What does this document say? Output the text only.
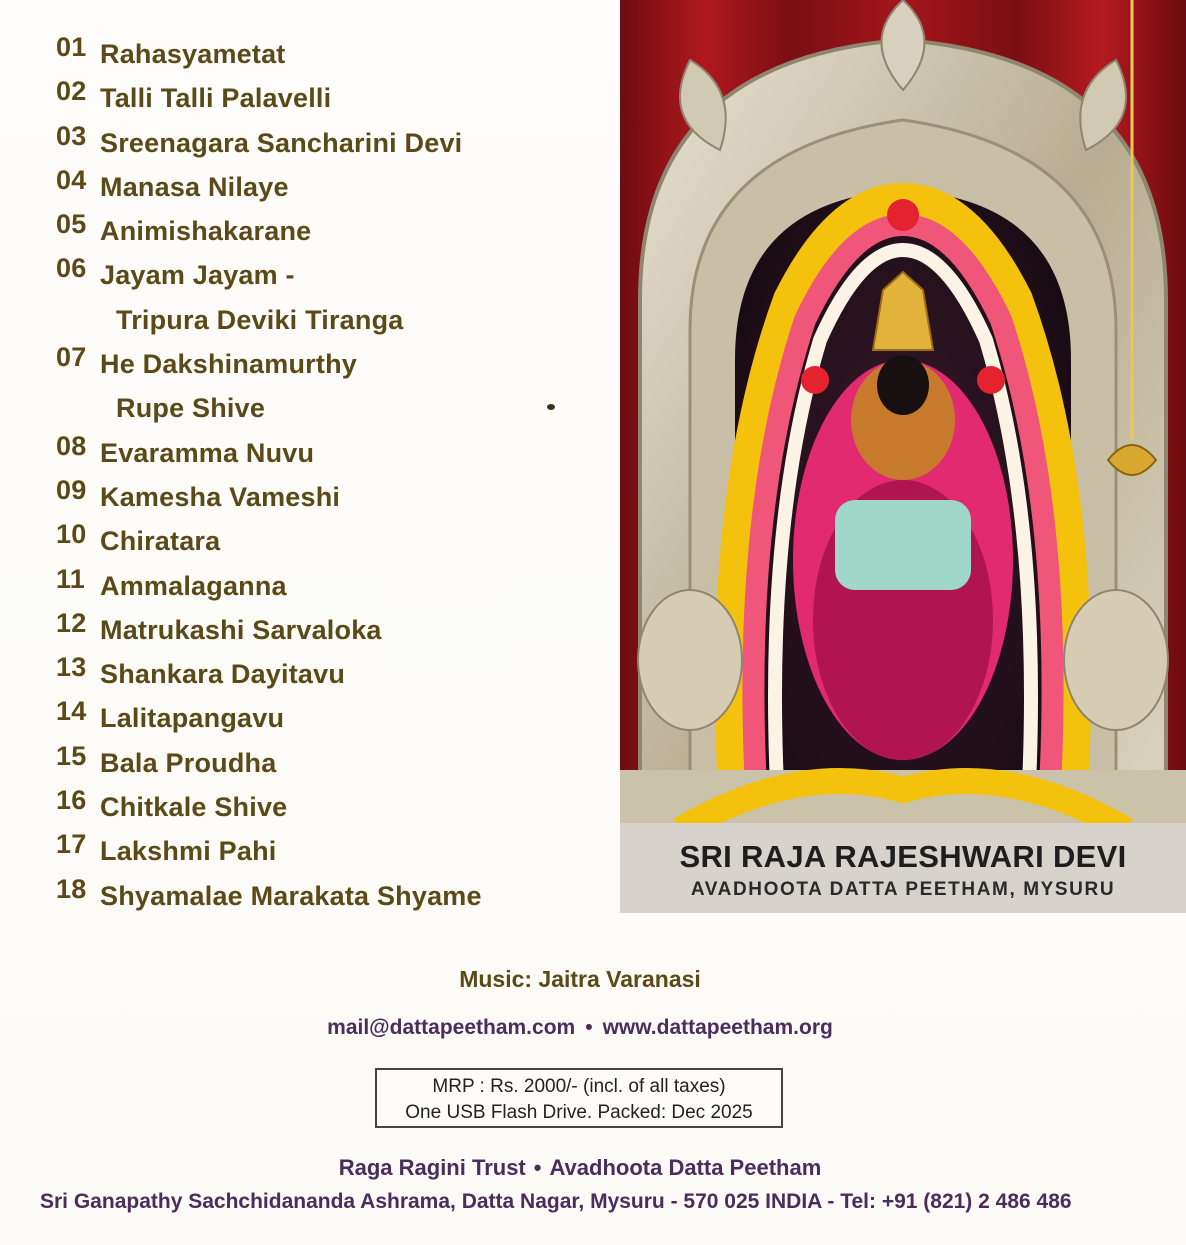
01 Rahasyametat
02 Talli Talli Palavelli
03 Sreenagara Sancharini Devi
04 Manasa Nilaye
05 Animishakarane
06 Jayam Jayam -
Tripura Deviki Tiranga
07 He Dakshinamurthy
Rupe Shive
08 Evaramma Nuvu
09 Kamesha Vameshi
10 Chiratara
11 Ammalaganna
12 Matrukashi Sarvaloka
13 Shankara Dayitavu
14 Lalitapangavu
15 Bala Proudha
16 Chitkale Shive
17 Lakshmi Pahi
18 Shyamalae Marakata Shyame
SRI RAJA RAJESHWARI DEVI
AVADHOOTA DATTA PEETHAM, MYSURU
Music: Jaitra Varanasi
mail@dattapeetham.com • www.dattapeetham.org
MRP : Rs. 2000/- (incl. of all taxes)
One USB Flash Drive. Packed: Dec 2025
Raga Ragini Trust • Avadhoota Datta Peetham
Sri Ganapathy Sachchidananda Ashrama, Datta Nagar, Mysuru - 570 025 INDIA - Tel: +91 (821) 2 486 486
